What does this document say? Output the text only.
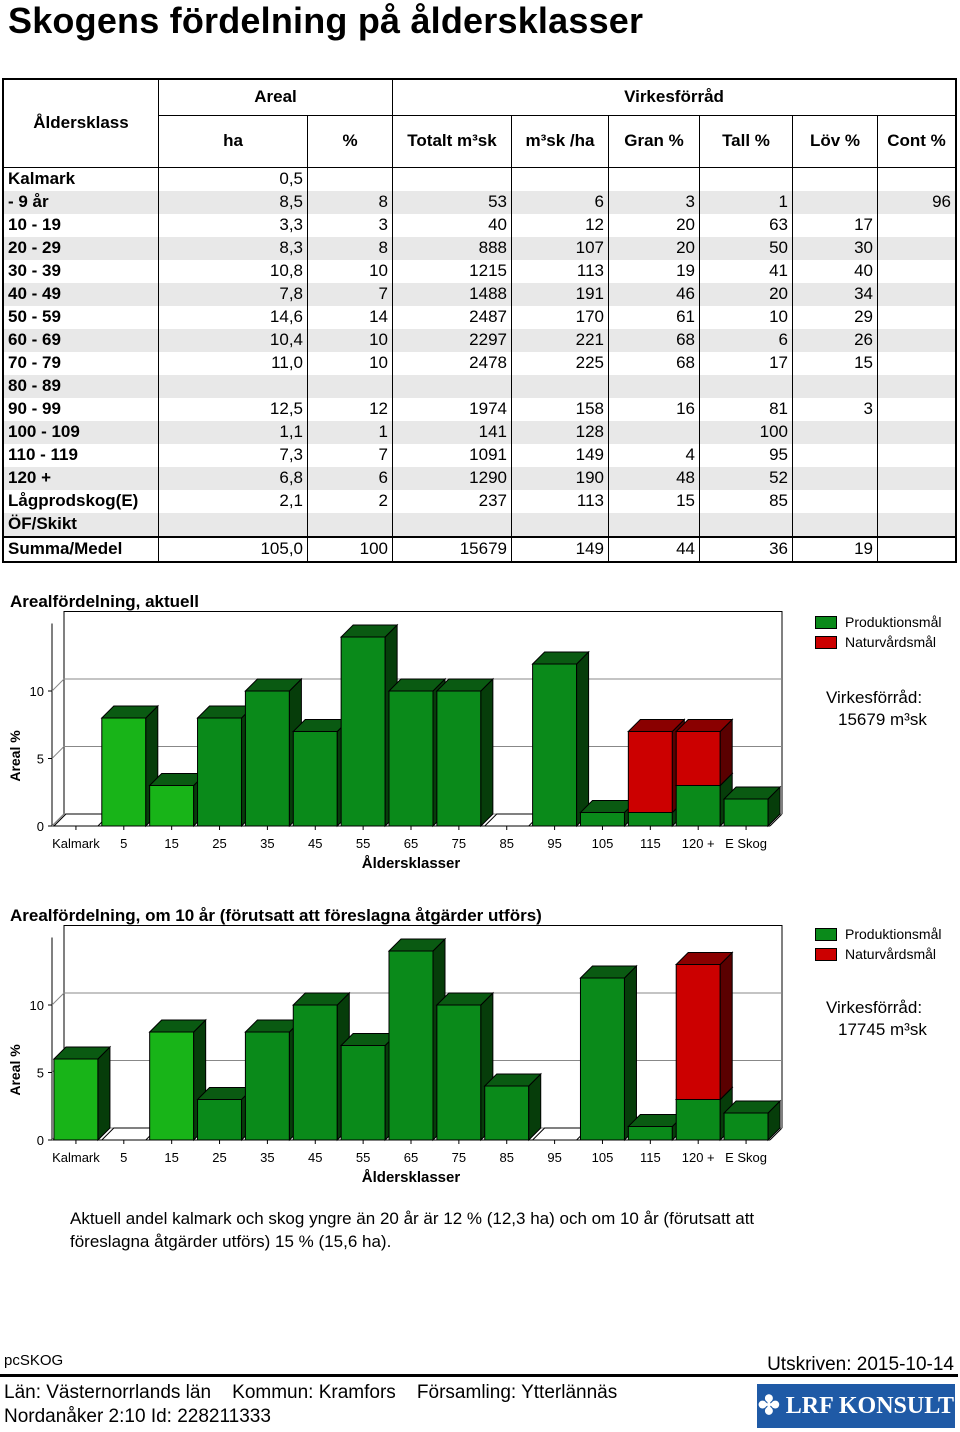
Skogens fördelning på åldersklasser
Åldersklass	Areal		Virkesförråd					
	ha	%	Totalt m³sk	m³sk /ha	Gran %	Tall %	Löv %	Cont %
Kalmark	0,5							
- 9 år	8,5	8	53	6	3	1		96
10 - 19	3,3	3	40	12	20	63	17	
20 - 29	8,3	8	888	107	20	50	30	
30 - 39	10,8	10	1215	113	19	41	40	
40 - 49	7,8	7	1488	191	46	20	34	
50 - 59	14,6	14	2487	170	61	10	29	
60 - 69	10,4	10	2297	221	68	6	26	
70 - 79	11,0	10	2478	225	68	17	15	
80 - 89								
90 - 99	12,5	12	1974	158	16	81	3	
100 - 109	1,1	1	141	128		100		
110 - 119	7,3	7	1091	149	4	95		
120 +	6,8	6	1290	190	48	52		
Lågprodskog(E)	2,1	2	237	113	15	85		
ÖF/Skikt								
Summa/Medel	105,0	100	15679	149	44	36	19	
0
5
10
Areal %
Kalmark 5	15	25	35	45	55	65	75	85	95 105 115 120 + E Skog
Åldersklasser
Arealfördelning, aktuell
Produktionsmål
Naturvårdsmål
Virkesförråd:
15679 m³sk
0
5
10
Areal %
Kalmark 5	15	25	35	45	55	65	75	85	95 105 115 120 + E Skog
Åldersklasser
Arealfördelning, om 10 år (förutsatt att föreslagna åtgärder utförs)
Produktionsmål
Naturvårdsmål
Virkesförråd:
17745 m³sk
Aktuell andel kalmark och skog yngre än 20 år är 12 % (12,3 ha) och om 10 år (förutsatt att föreslagna åtgärder utförs) 15 % (15,6 ha).
pcSKOG	Utskriven: 2015-10-14
Län: Västernorrlands län Kommun: Kramfors Församling: Ytterlännäs
Nordanåker 2:10 Id: 228211333	✤ LRF KONSULT
